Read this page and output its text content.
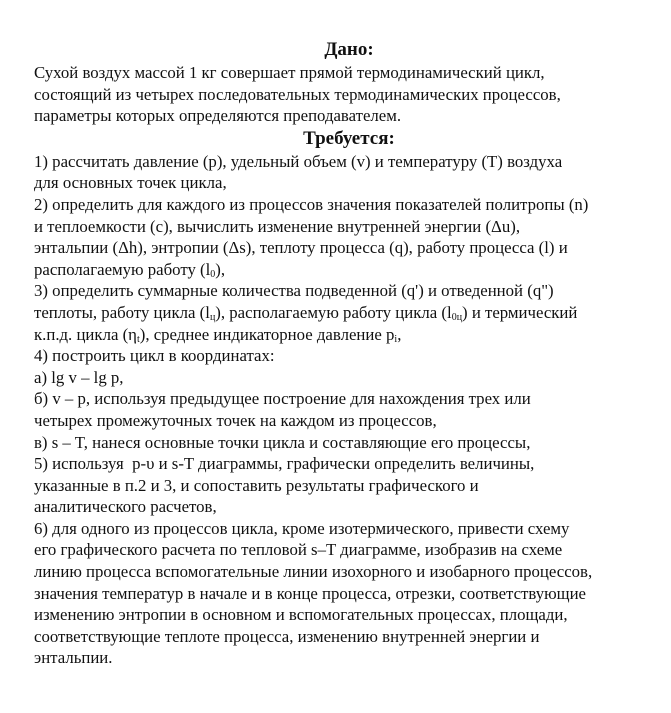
Дано:
Сухой воздух массой 1 кг совершает прямой термодинамический цикл,
состоящий из четырех последовательных термодинамических процессов,
параметры которых определяются преподавателем.
Требуется:
1) рассчитать давление (p), удельный объем (v) и температуру (T) воздуха
для основных точек цикла,
2) определить для каждого из процессов значения показателей политропы (n)
и теплоемкости (c), вычислить изменение внутренней энергии (Δu),
энтальпии (Δh), энтропии (Δs), теплоту процесса (q), работу процесса (l) и
располагаемую работу $(l_0)$,
3) определить суммарные количества подведенной (q') и отведенной (q")
теплоты, работу цикла $(l_ц)$, располагаемую работу цикла $(l_{0ц})$ и термический
к.п.д. цикла $(\eta_t)$, среднее индикаторное давление $p_i$,
4) построить цикл в координатах:
а) lg v – lg p,
б) v – p, используя предыдущее построение для нахождения трех или
четырех промежуточных точек на каждом из процессов,
в) s – T, нанеся основные точки цикла и составляющие его процессы,
5) используя  p-υ и s-T диаграммы, графически определить величины,
указанные в п.2 и 3, и сопоставить результаты графического и
аналитического расчетов,
6) для одного из процессов цикла, кроме изотермического, привести схему
его графического расчета по тепловой s–T диаграмме, изобразив на схеме
линию процесса вспомогательные линии изохорного и изобарного процессов,
значения температур в начале и в конце процесса, отрезки, соответствующие
изменению энтропии в основном и вспомогательных процессах, площади,
соответствующие теплоте процесса, изменению внутренней энергии и
энтальпии.
